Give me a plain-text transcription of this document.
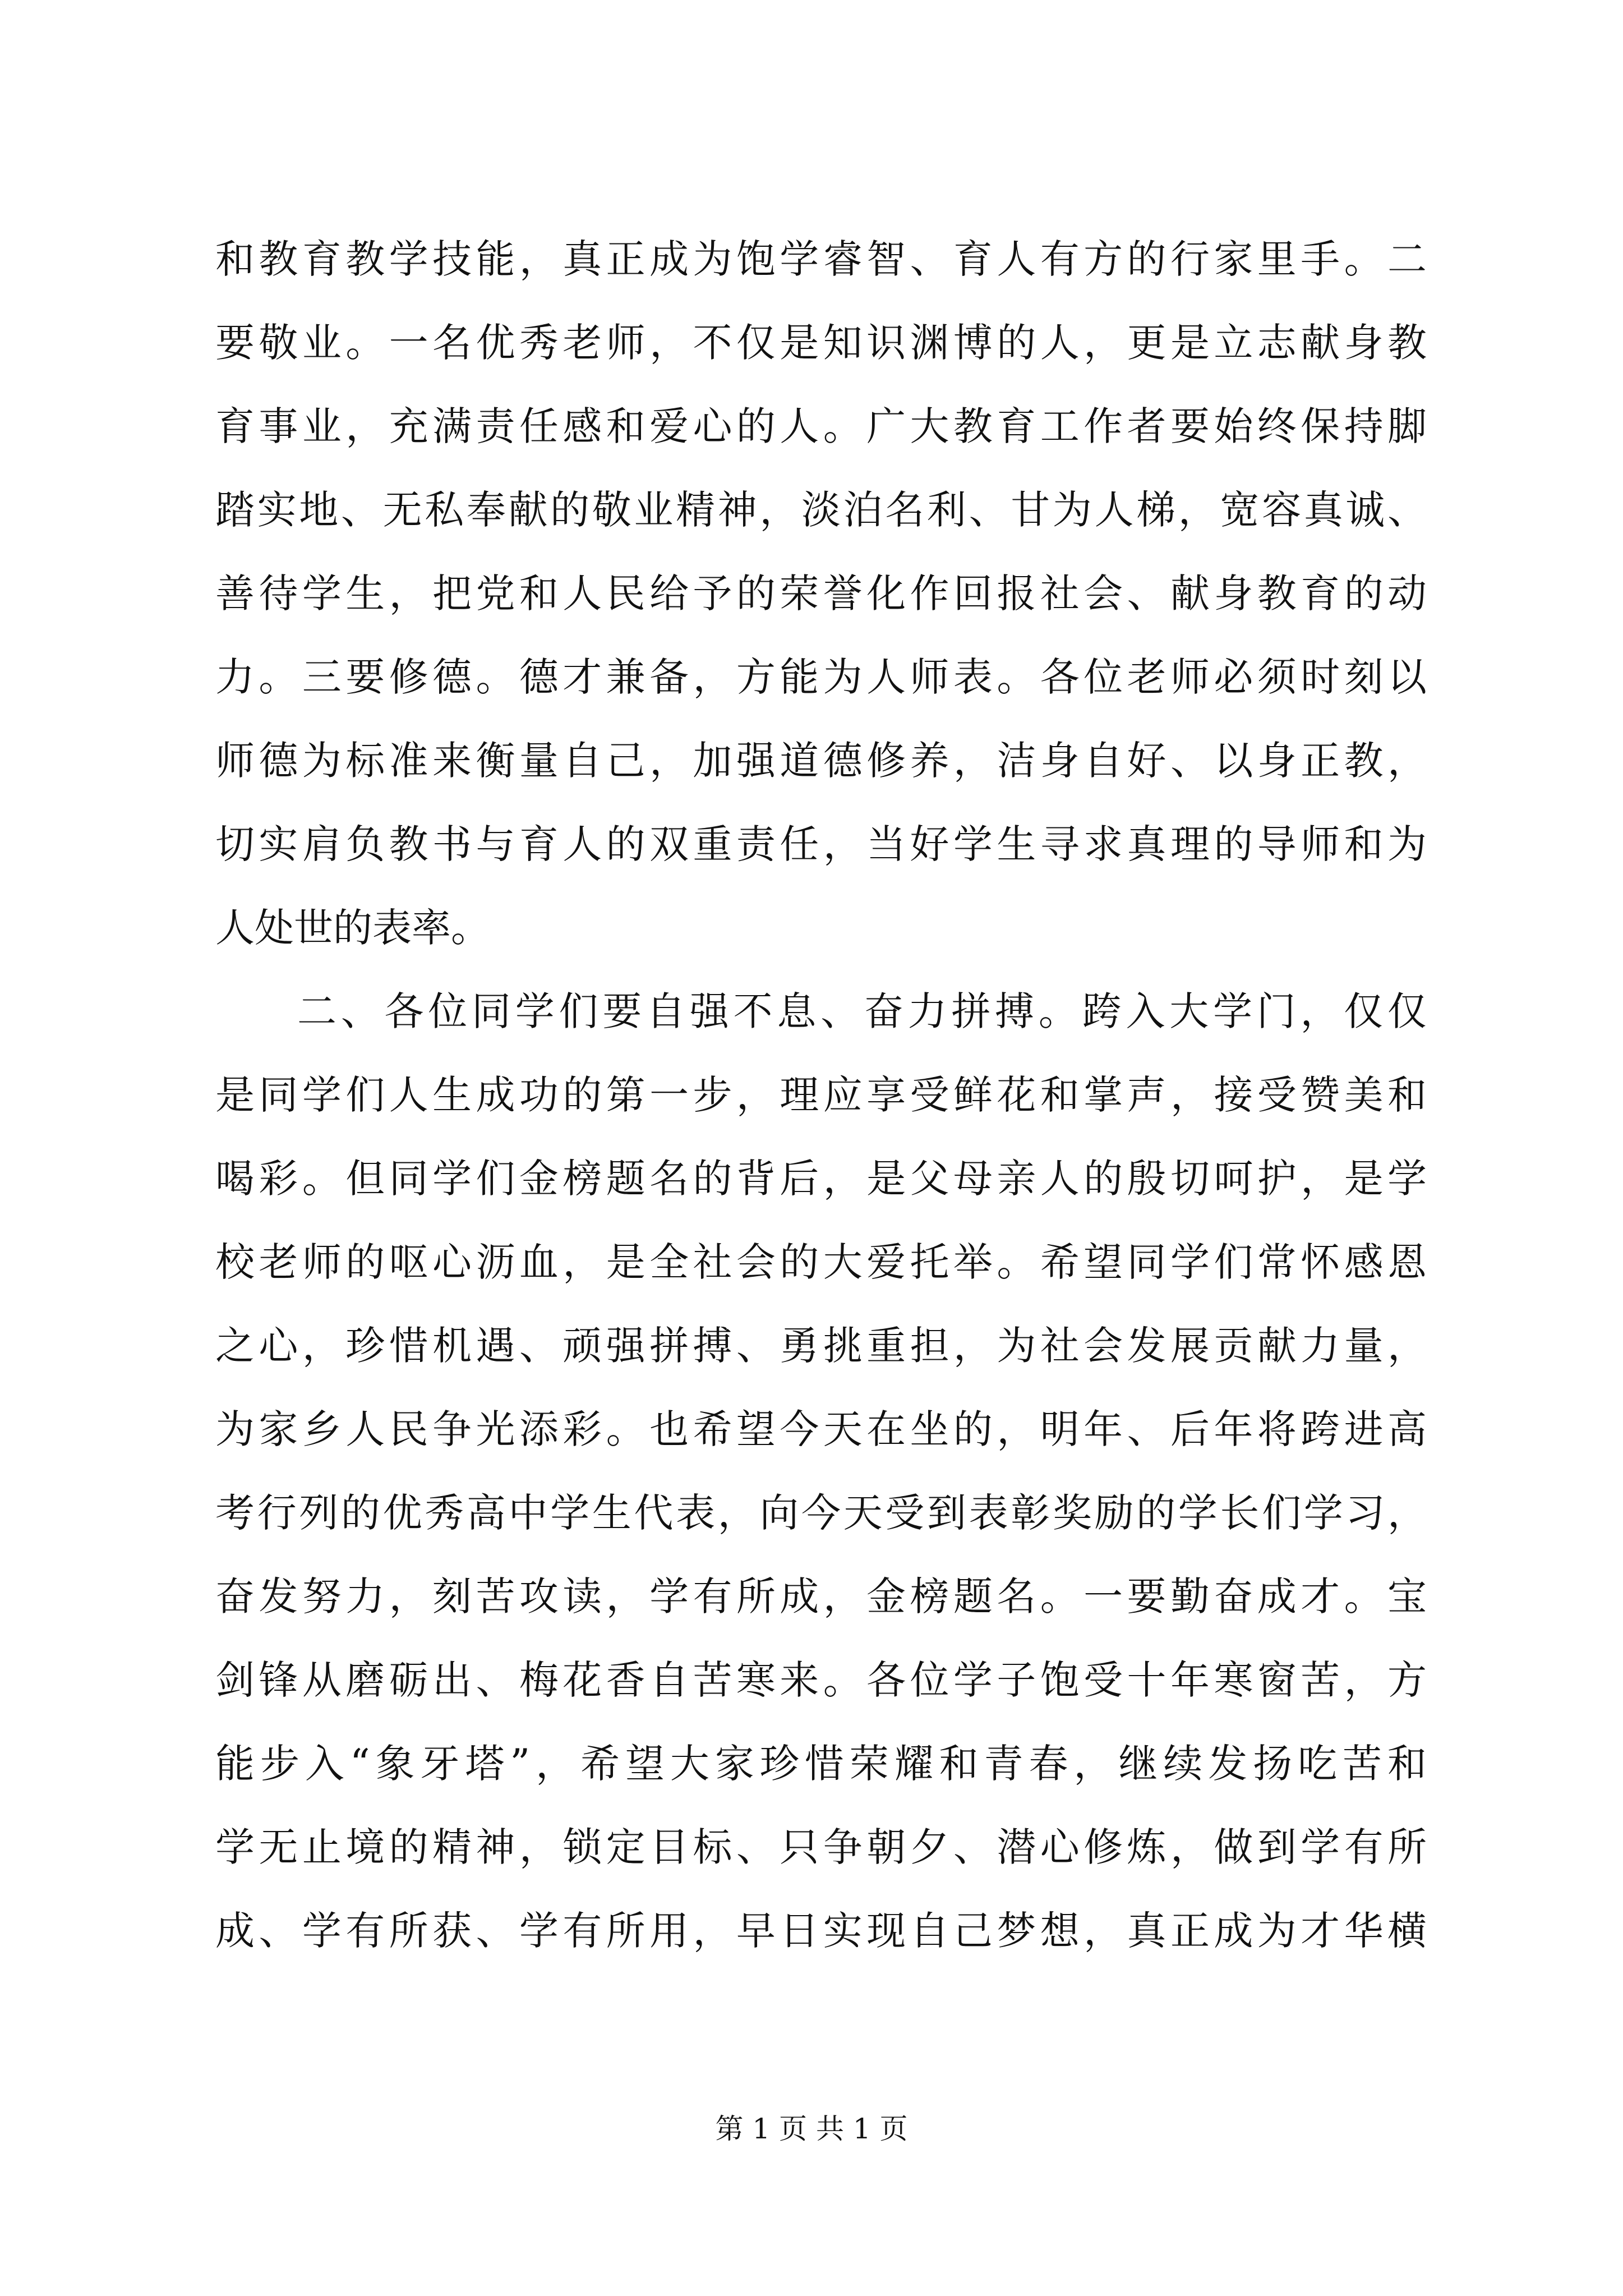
和教育教学技能，真正成为饱学睿智、育人有方的行家里手。二
要敬业。一名优秀老师，不仅是知识渊博的人，更是立志献身教
育事业，充满责任感和爱心的人。广大教育工作者要始终保持脚
踏实地、无私奉献的敬业精神，淡泊名利、甘为人梯，宽容真诚、
善待学生，把党和人民给予的荣誉化作回报社会、献身教育的动
力。三要修德。德才兼备，方能为人师表。各位老师必须时刻以
师德为标准来衡量自己，加强道德修养，洁身自好、以身正教，
切实肩负教书与育人的双重责任，当好学生寻求真理的导师和为
人处世的表率。
二、各位同学们要自强不息、奋力拼搏。跨入大学门，仅仅
是同学们人生成功的第一步，理应享受鲜花和掌声，接受赞美和
喝彩。但同学们金榜题名的背后，是父母亲人的殷切呵护，是学
校老师的呕心沥血，是全社会的大爱托举。希望同学们常怀感恩
之心，珍惜机遇、顽强拼搏、勇挑重担，为社会发展贡献力量，
为家乡人民争光添彩。也希望今天在坐的，明年、后年将跨进高
考行列的优秀高中学生代表，向今天受到表彰奖励的学长们学习，
奋发努力，刻苦攻读，学有所成，金榜题名。一要勤奋成才。宝
剑锋从磨砺出、梅花香自苦寒来。各位学子饱受十年寒窗苦，方
能步入“象牙塔”，希望大家珍惜荣耀和青春，继续发扬吃苦和
学无止境的精神，锁定目标、只争朝夕、潜心修炼，做到学有所
成、学有所获、学有所用，早日实现自己梦想，真正成为才华横
第 1 页 共 1 页
